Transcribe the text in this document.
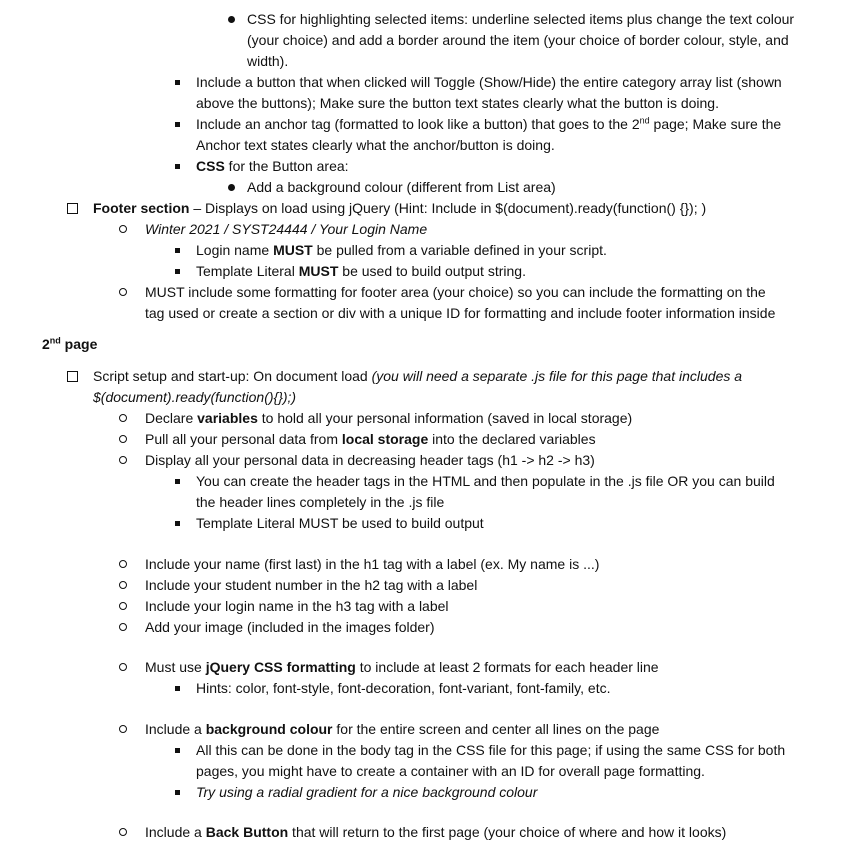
CSS for highlighting selected items: underline selected items plus change the text colour
(your choice) and add a border around the item (your choice of border colour, style, and
width).
Include a button that when clicked will Toggle (Show/Hide) the entire category array list (shown
above the buttons); Make sure the button text states clearly what the button is doing.
Include an anchor tag (formatted to look like a button) that goes to the 2nd page; Make sure the
Anchor text states clearly what the anchor/button is doing.
CSS for the Button area:
Add a background colour (different from List area)
Footer section – Displays on load using jQuery (Hint: Include in $(document).ready(function() {}); )
Winter 2021 / SYST24444 / Your Login Name
Login name MUST be pulled from a variable defined in your script.
Template Literal MUST be used to build output string.
MUST include some formatting for footer area (your choice) so you can include the formatting on the
tag used or create a section or div with a unique ID for formatting and include footer information inside
2nd page
Script setup and start-up: On document load (you will need a separate .js file for this page that includes a
$(document).ready(function(){});)
Declare variables to hold all your personal information (saved in local storage)
Pull all your personal data from local storage into the declared variables
Display all your personal data in decreasing header tags (h1 -> h2 -> h3)
You can create the header tags in the HTML and then populate in the .js file OR you can build
the header lines completely in the .js file
Template Literal MUST be used to build output
Include your name (first last) in the h1 tag with a label (ex. My name is ...)
Include your student number in the h2 tag with a label
Include your login name in the h3 tag with a label
Add your image (included in the images folder)
Must use jQuery CSS formatting to include at least 2 formats for each header line
Hints: color, font-style, font-decoration, font-variant, font-family, etc.
Include a background colour for the entire screen and center all lines on the page
All this can be done in the body tag in the CSS file for this page; if using the same CSS for both
pages, you might have to create a container with an ID for overall page formatting.
Try using a radial gradient for a nice background colour
Include a Back Button that will return to the first page (your choice of where and how it looks)
